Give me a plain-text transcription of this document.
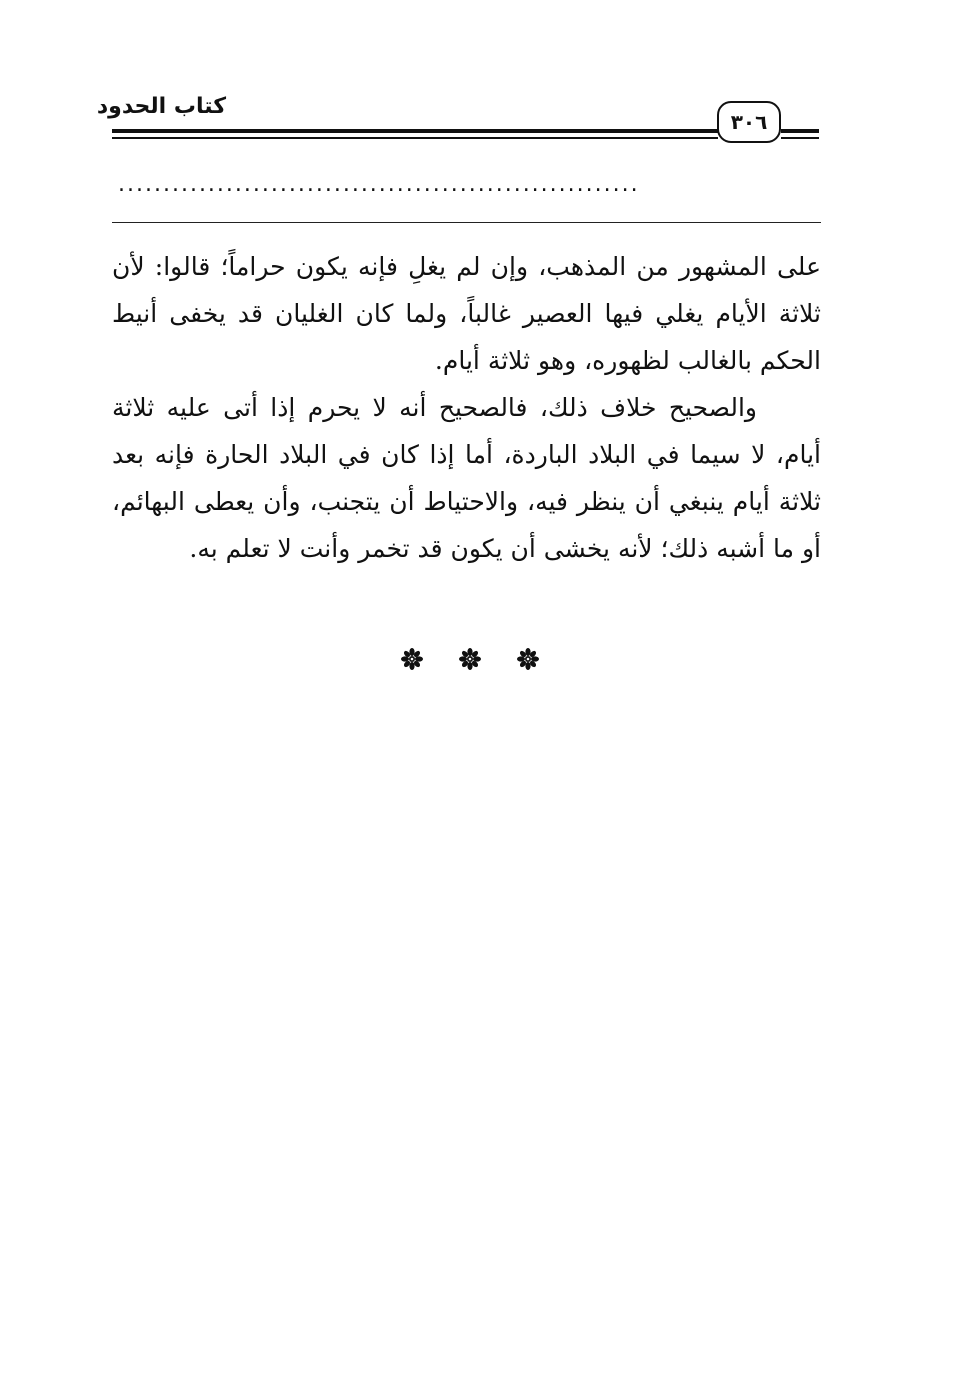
كتاب الحدود
٣٠٦
..........................................................

على المشهور من المذهب، وإن لم يغلِ فإنه يكون حراماً؛ قالوا: لأن ثلاثة الأيام يغلي فيها العصير غالباً، ولما كان الغليان قد يخفى أنيط الحكم بالغالب لظهوره، وهو ثلاثة أيام.

والصحيح خلاف ذلك، فالصحيح أنه لا يحرم إذا أتى عليه ثلاثة أيام، لا سيما في البلاد الباردة، أما إذا كان في البلاد الحارة فإنه بعد ثلاثة أيام ينبغي أن ينظر فيه، والاحتياط أن يتجنب، وأن يعطى البهائم، أو ما أشبه ذلك؛ لأنه يخشى أن يكون قد تخمر وأنت لا تعلم به.
